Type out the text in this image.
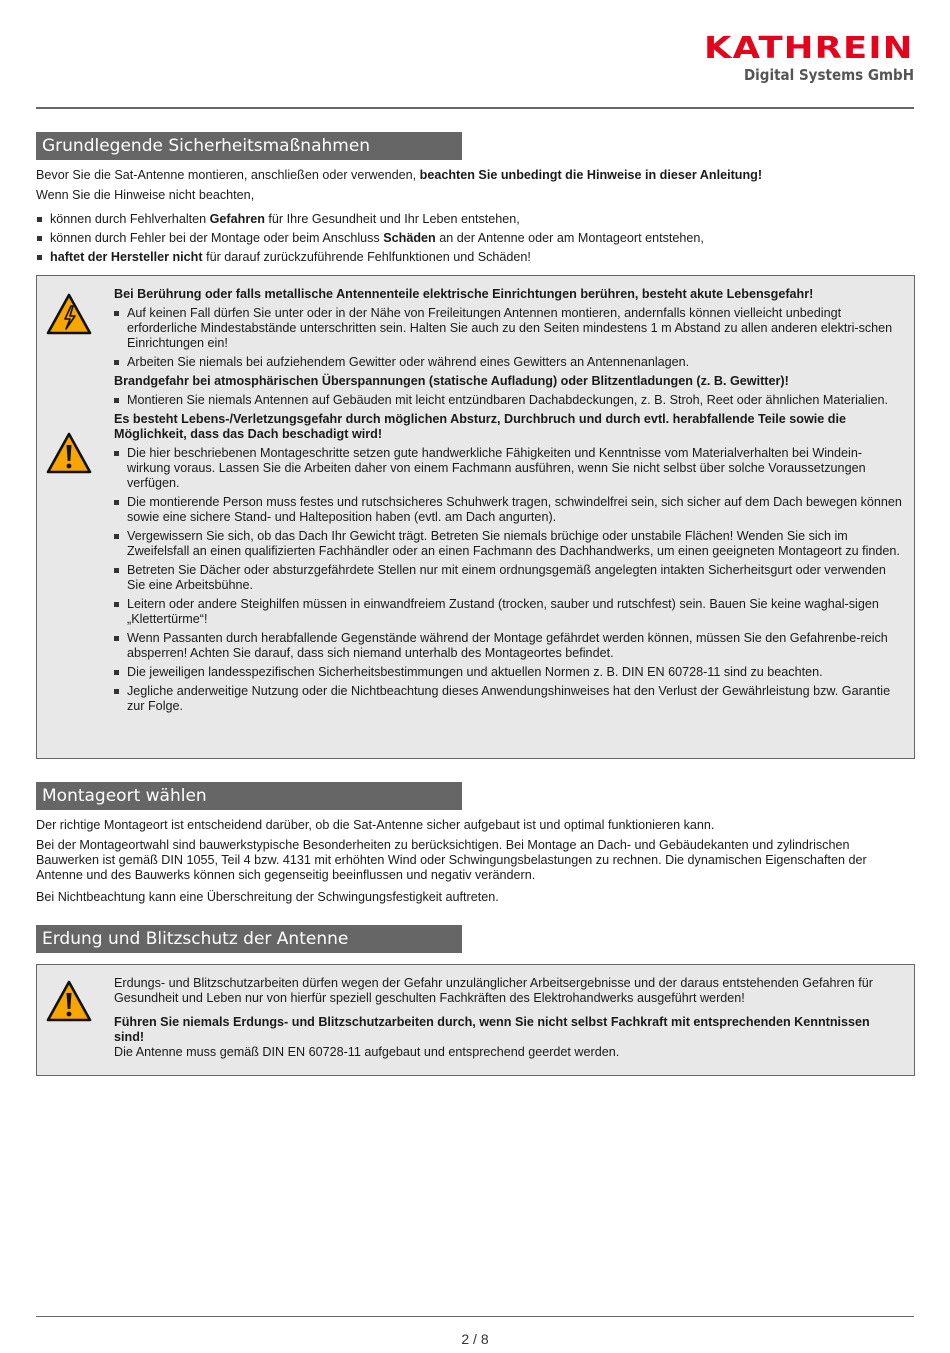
KATHREIN
Digital Systems GmbH
Grundlegende Sicherheitsmaßnahmen
Bevor Sie die Sat-Antenne montieren, anschließen oder verwenden, beachten Sie unbedingt die Hinweise in dieser Anleitung!
Wenn Sie die Hinweise nicht beachten,
können durch Fehlverhalten Gefahren für Ihre Gesundheit und Ihr Leben entstehen,
können durch Fehler bei der Montage oder beim Anschluss Schäden an der Antenne oder am Montageort entstehen,
haftet der Hersteller nicht für darauf zurückzuführende Fehlfunktionen und Schäden!
Bei Berührung oder falls metallische Antennenteile elektrische Einrichtungen berühren, besteht akute Lebensgefahr!
Auf keinen Fall dürfen Sie unter oder in der Nähe von Freileitungen Antennen montieren, andernfalls können vielleicht unbedingt erforderliche Mindestabstände unterschritten sein. Halten Sie auch zu den Seiten mindestens 1 m Abstand zu allen anderen elektri-schen Einrichtungen ein!
Arbeiten Sie niemals bei aufziehendem Gewitter oder während eines Gewitters an Antennenanlagen.
Brandgefahr bei atmosphärischen Überspannungen (statische Aufladung) oder Blitzentladungen (z. B. Gewitter)!
Montieren Sie niemals Antennen auf Gebäuden mit leicht entzündbaren Dachabdeckungen, z. B. Stroh, Reet oder ähnlichen Materialien.
Es besteht Lebens-/Verletzungsgefahr durch möglichen Absturz, Durchbruch und durch evtl. herabfallende Teile sowie die Möglichkeit, dass das Dach beschadigt wird!
Die hier beschriebenen Montageschritte setzen gute handwerkliche Fähigkeiten und Kenntnisse vom Materialverhalten bei Windein-wirkung voraus. Lassen Sie die Arbeiten daher von einem Fachmann ausführen, wenn Sie nicht selbst über solche Voraussetzungen verfügen.
Die montierende Person muss festes und rutschsicheres Schuhwerk tragen, schwindelfrei sein, sich sicher auf dem Dach bewegen können sowie eine sichere Stand- und Halteposition haben (evtl. am Dach angurten).
Vergewissern Sie sich, ob das Dach Ihr Gewicht trägt. Betreten Sie niemals brüchige oder unstabile Flächen! Wenden Sie sich im Zweifelsfall an einen qualifizierten Fachhändler oder an einen Fachmann des Dachhandwerks, um einen geeigneten Montageort zu finden.
Betreten Sie Dächer oder absturzgefährdete Stellen nur mit einem ordnungsgemäß angelegten intakten Sicherheitsgurt oder verwenden Sie eine Arbeitsbühne.
Leitern oder andere Steighilfen müssen in einwandfreiem Zustand (trocken, sauber und rutschfest) sein. Bauen Sie keine waghal-sigen „Klettertürme“!
Wenn Passanten durch herabfallende Gegenstände während der Montage gefährdet werden können, müssen Sie den Gefahrenbe-reich absperren! Achten Sie darauf, dass sich niemand unterhalb des Montageortes befindet.
Die jeweiligen landesspezifischen Sicherheitsbestimmungen und aktuellen Normen z. B. DIN EN 60728-11 sind zu beachten.
Jegliche anderweitige Nutzung oder die Nichtbeachtung dieses Anwendungshinweises hat den Verlust der Gewährleistung bzw. Garantie zur Folge.
Montageort wählen
Der richtige Montageort ist entscheidend darüber, ob die Sat-Antenne sicher aufgebaut ist und optimal funktionieren kann.
Bei der Montageortwahl sind bauwerkstypische Besonderheiten zu berücksichtigen. Bei Montage an Dach- und Gebäudekanten und zylindrischen Bauwerken ist gemäß DIN 1055, Teil 4 bzw. 4131 mit erhöhten Wind oder Schwingungsbelastungen zu rechnen. Die dynamischen Eigenschaften der Antenne und des Bauwerks können sich gegenseitig beeinflussen und negativ verändern.
Bei Nichtbeachtung kann eine Überschreitung der Schwingungsfestigkeit auftreten.
Erdung und Blitzschutz der Antenne
Erdungs- und Blitzschutzarbeiten dürfen wegen der Gefahr unzulänglicher Arbeitsergebnisse und der daraus entstehenden Gefahren für Gesundheit und Leben nur von hierfür speziell geschulten Fachkräften des Elektrohandwerks ausgeführt werden!
Führen Sie niemals Erdungs- und Blitzschutzarbeiten durch, wenn Sie nicht selbst Fachkraft mit entsprechenden Kenntnissen sind!
Die Antenne muss gemäß DIN EN 60728-11 aufgebaut und entsprechend geerdet werden.
2 / 8
